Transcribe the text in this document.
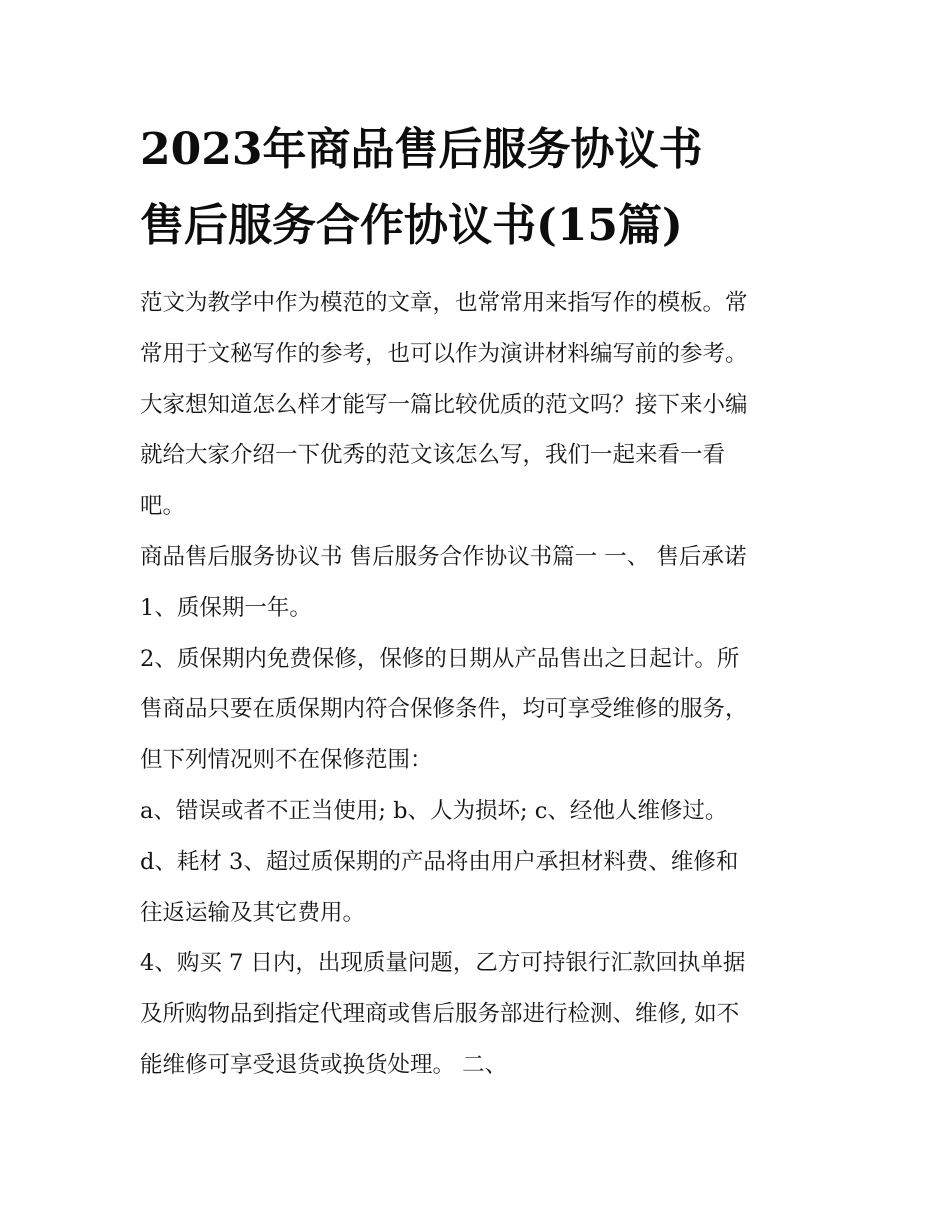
2023年商品售后服务协议书
售后服务合作协议书(15篇)

范文为教学中作为模范的文章，也常常用来指写作的模板。常
常用于文秘写作的参考，也可以作为演讲材料编写前的参考。
大家想知道怎么样才能写一篇比较优质的范文吗？接下来小编
就给大家介绍一下优秀的范文该怎么写，我们一起来看一看
吧。

商品售后服务协议书 售后服务合作协议书篇一 一、 售后承诺

1、质保期一年。

2、质保期内免费保修，保修的日期从产品售出之日起计。所
售商品只要在质保期内符合保修条件，均可享受维修的服务，
但下列情况则不在保修范围：

a、错误或者不正当使用; b、人为损坏; c、经他人维修过。

d、耗材 3、超过质保期的产品将由用户承担材料费、维修和
往返运输及其它费用。

4、购买 7 日内，出现质量问题，乙方可持银行汇款回执单据
及所购物品到指定代理商或售后服务部进行检测、维修, 如不
能维修可享受退货或换货处理。 二、
